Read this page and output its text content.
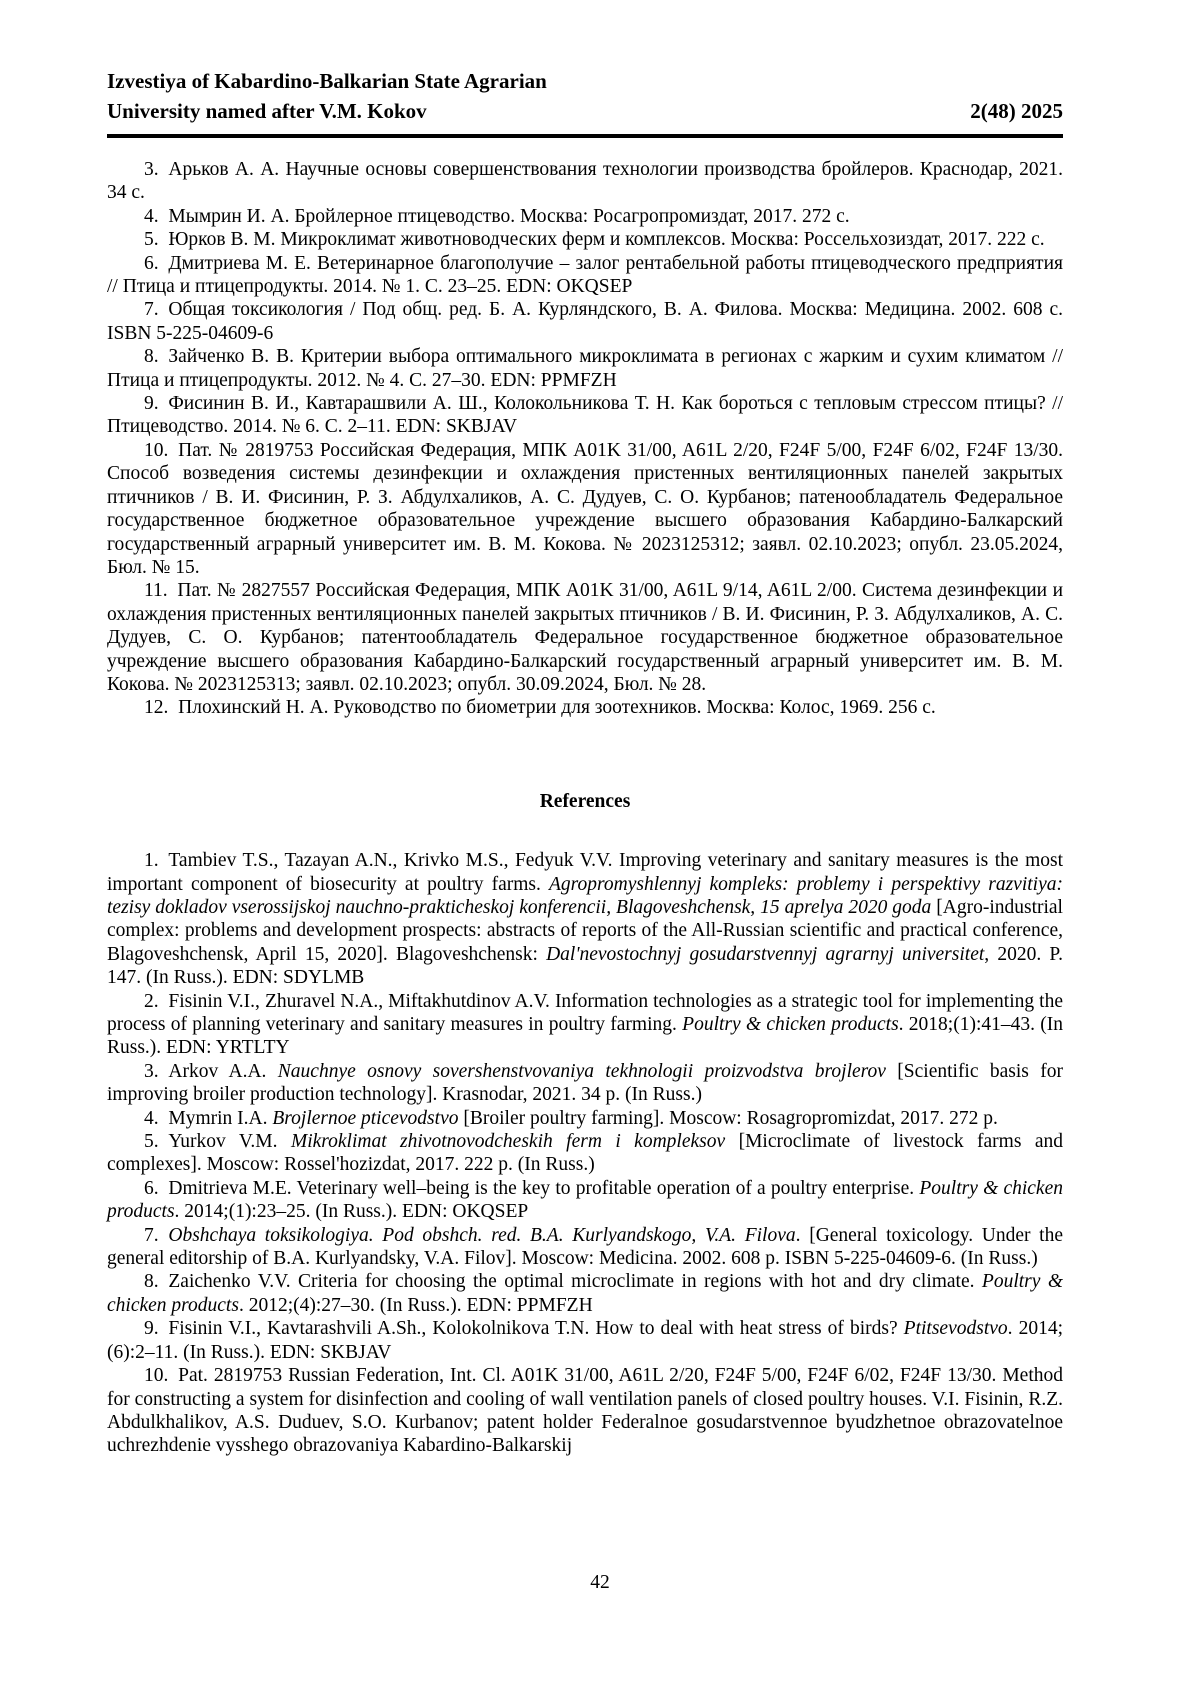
Izvestiya of Kabardino-Balkarian State Agrarian
University named after V.M. Kokov	2(48) 2025

3. Арьков А. А. Научные основы совершенствования технологии производства бройлеров. Краснодар, 2021. 34 с.

4. Мымрин И. А. Бройлерное птицеводство. Москва: Росагропромиздат, 2017. 272 с.

5. Юрков В. М. Микроклимат животноводческих ферм и комплексов. Москва: Россельхозиздат, 2017. 222 с.

6. Дмитриева М. Е. Ветеринарное благополучие – залог рентабельной работы птицеводческого предприятия // Птица и птицепродукты. 2014. № 1. С. 23–25. EDN: OKQSEP

7. Общая токсикология / Под общ. ред. Б. А. Курляндского, В. А. Филова. Москва: Медицина. 2002. 608 с. ISBN 5-225-04609-6

8. Зайченко В. В. Критерии выбора оптимального микроклимата в регионах с жарким и сухим климатом // Птица и птицепродукты. 2012. № 4. С. 27–30. EDN: PPMFZH

9. Фисинин В. И., Кавтарашвили А. Ш., Колокольникова Т. Н. Как бороться с тепловым стрессом птицы? // Птицеводство. 2014. № 6. С. 2–11. EDN: SKBJAV

10. Пат. № 2819753 Российская Федерация, МПК A01K 31/00, A61L 2/20, F24F 5/00, F24F 6/02, F24F 13/30. Способ возведения системы дезинфекции и охлаждения пристенных вентиляционных панелей закрытых птичников / В. И. Фисинин, Р. З. Абдулхаликов, А. С. Дудуев, С. О. Курбанов; патенообладатель Федеральное государственное бюджетное образовательное учреждение высшего образования Кабардино-Балкарский государственный аграрный университет им. В. М. Кокова. № 2023125312; заявл. 02.10.2023; опубл. 23.05.2024, Бюл. № 15.

11. Пат. № 2827557 Российская Федерация, МПК A01K 31/00, A61L 9/14, A61L 2/00. Система дезинфекции и охлаждения пристенных вентиляционных панелей закрытых птичников / В. И. Фисинин, Р. З. Абдулхаликов, А. С. Дудуев, С. О. Курбанов; патентообладатель Федеральное государственное бюджетное образовательное учреждение высшего образования Кабардино-Балкарский государственный аграрный университет им. В. М. Кокова. № 2023125313; заявл. 02.10.2023; опубл. 30.09.2024, Бюл. № 28.

12. Плохинский Н. А. Руководство по биометрии для зоотехников. Москва: Колос, 1969. 256 с.

References

1. Tambiev T.S., Tazayan A.N., Krivko M.S., Fedyuk V.V. Improving veterinary and sanitary measures is the most important component of biosecurity at poultry farms. Agropromyshlennyj kompleks: problemy i perspektivy razvitiya: tezisy dokladov vserossijskoj nauchno-prakticheskoj konferencii, Blagoveshchensk, 15 aprelya 2020 goda [Agro-industrial complex: problems and development prospects: abstracts of reports of the All-Russian scientific and practical conference, Blagoveshchensk, April 15, 2020]. Blagoveshchensk: Dal'nevostochnyj gosudarstvennyj agrarnyj universitet, 2020. P. 147. (In Russ.). EDN: SDYLMB

2. Fisinin V.I., Zhuravel N.A., Miftakhutdinov A.V. Information technologies as a strategic tool for implementing the process of planning veterinary and sanitary measures in poultry farming. Poultry & chicken products. 2018;(1):41–43. (In Russ.). EDN: YRTLTY

3. Arkov A.A. Nauchnye osnovy sovershenstvovaniya tekhnologii proizvodstva brojlerov [Scientific basis for improving broiler production technology]. Krasnodar, 2021. 34 p. (In Russ.)

4. Mymrin I.A. Brojlernoe pticevodstvo [Broiler poultry farming]. Moscow: Rosagropromizdat, 2017. 272 p.

5. Yurkov V.M. Mikroklimat zhivotnovodcheskih ferm i kompleksov [Microclimate of livestock farms and complexes]. Moscow: Rossel'hozizdat, 2017. 222 p. (In Russ.)

6. Dmitrieva M.E. Veterinary well–being is the key to profitable operation of a poultry enterprise. Poultry & chicken products. 2014;(1):23–25. (In Russ.). EDN: OKQSEP

7. Obshchaya toksikologiya. Pod obshch. red. B.A. Kurlyandskogo, V.A. Filova. [General toxicology. Under the general editorship of B.A. Kurlyandsky, V.A. Filov]. Moscow: Medicina. 2002. 608 p. ISBN 5-225-04609-6. (In Russ.)

8. Zaichenko V.V. Criteria for choosing the optimal microclimate in regions with hot and dry climate. Poultry & chicken products. 2012;(4):27–30. (In Russ.). EDN: PPMFZH

9. Fisinin V.I., Kavtarashvili A.Sh., Kolokolnikova T.N. How to deal with heat stress of birds? Ptitsevodstvo. 2014;(6):2–11. (In Russ.). EDN: SKBJAV

10. Pat. 2819753 Russian Federation, Int. Cl. A01K 31/00, A61L 2/20, F24F 5/00, F24F 6/02, F24F 13/30. Method for constructing a system for disinfection and cooling of wall ventilation panels of closed poultry houses. V.I. Fisinin, R.Z. Abdulkhalikov, A.S. Duduev, S.O. Kurbanov; patent holder Federalnoe gosudarstvennoe byudzhetnoe obrazovatelnoe uchrezhdenie vysshego obrazovaniya Kabardino-Balkarskij

42
